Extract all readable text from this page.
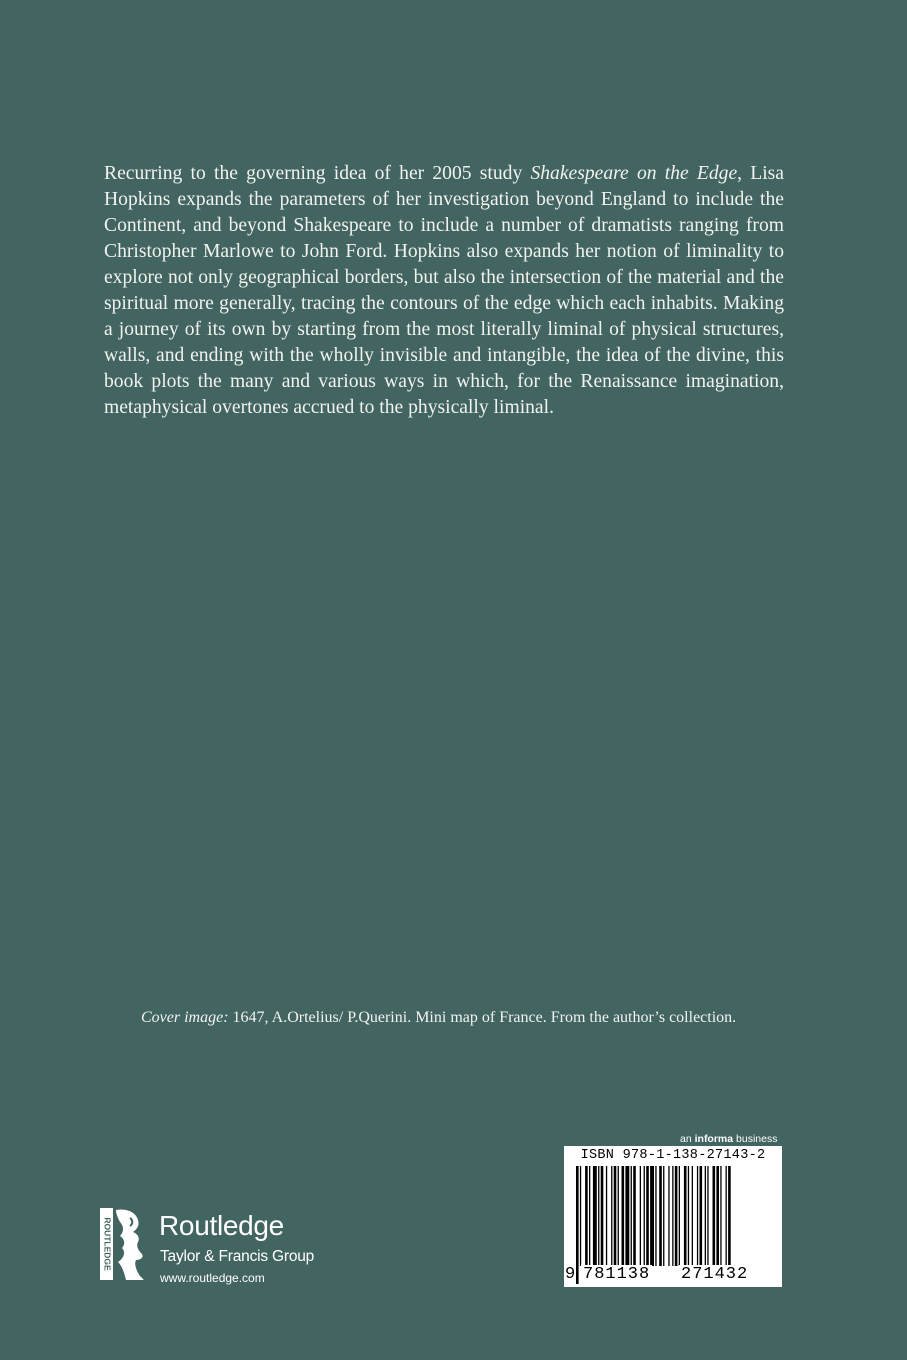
Recurring to the governing idea of her 2005 study Shakespeare on the Edge, Lisa Hopkins expands the parameters of her investigation beyond England to include the Continent, and beyond Shakespeare to include a number of dramatists ranging from Christopher Marlowe to John Ford. Hopkins also expands her notion of liminality to explore not only geographical borders, but also the intersection of the material and the spiritual more generally, tracing the contours of the edge which each inhabits. Making a journey of its own by starting from the most literally liminal of physical structures, walls, and ending with the wholly invisible and intangible, the idea of the divine, this book plots the many and various ways in which, for the Renaissance imagination, metaphysical overtones accrued to the physically liminal.

Cover image: 1647, A.Ortelius/ P.Querini. Mini map of France. From the author’s collection.

an informa business
ISBN 978-1-138-27143-2
9 781138 271432
ROUTLEDGE Routledge
Taylor & Francis Group
www.routledge.com
